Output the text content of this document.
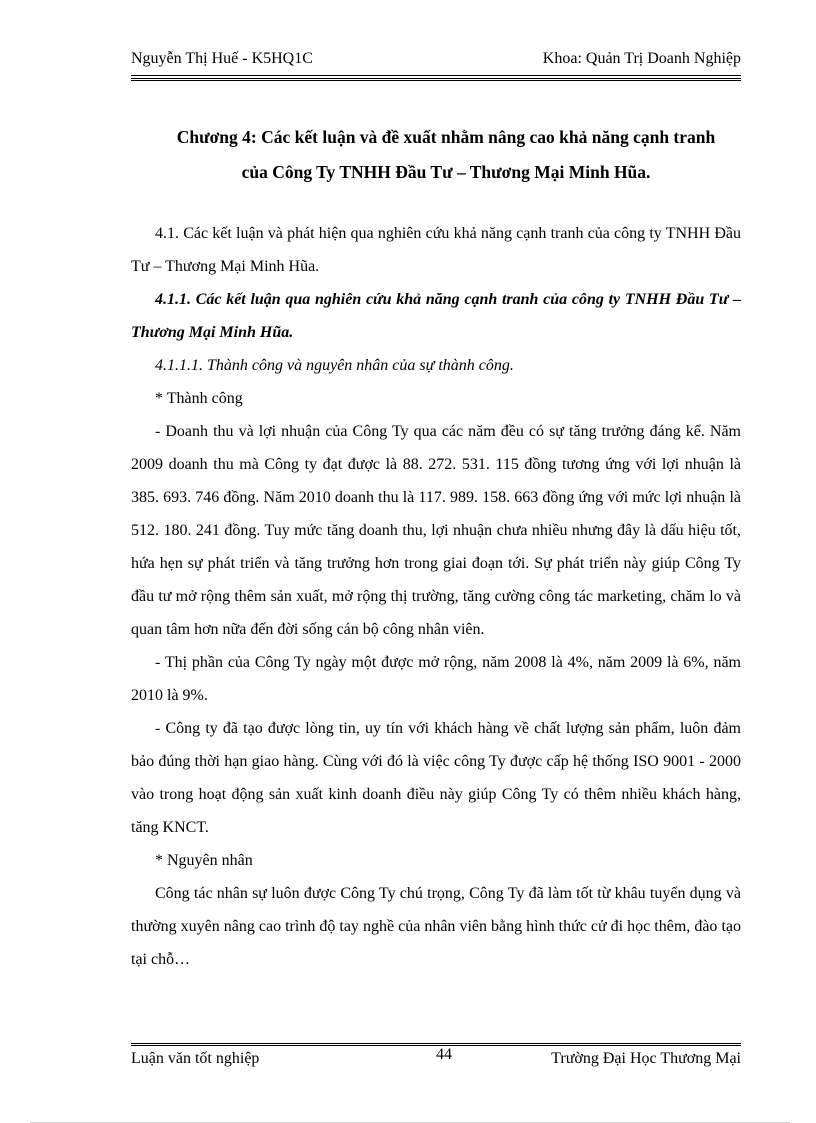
Nguyễn Thị Huế - K5HQ1C	Khoa: Quản Trị Doanh Nghiệp
Chương 4: Các kết luận và đề xuất nhằm nâng cao khả năng cạnh tranh
của Công Ty TNHH Đầu Tư – Thương Mại Minh Hũa.

4.1. Các kết luận và phát hiện qua nghiên cứu khả năng cạnh tranh của công ty TNHH Đầu Tư – Thương Mại Minh Hũa.

4.1.1. Các kết luận qua nghiên cứu khả năng cạnh tranh của công ty TNHH Đầu Tư – Thương Mại Minh Hũa.

4.1.1.1. Thành công và nguyên nhân của sự thành công.

* Thành công

- Doanh thu và lợi nhuận của Công Ty qua các năm đều có sự tăng trưởng đáng kể. Năm 2009 doanh thu mà Công ty đạt được là 88. 272. 531. 115 đồng tương ứng với lợi nhuận là 385. 693. 746 đồng. Năm 2010 doanh thu là 117. 989. 158. 663 đồng ứng với mức lợi nhuận là 512. 180. 241 đồng. Tuy mức tăng doanh thu, lợi nhuận chưa nhiều nhưng đây là dấu hiệu tốt, hứa hẹn sự phát triển và tăng trưởng hơn trong giai đoạn tới. Sự phát triển này giúp Công Ty đầu tư mở rộng thêm sản xuất, mở rộng thị trường, tăng cường công tác marketing, chăm lo và quan tâm hơn nữa đến đời sống cán bộ công nhân viên.

- Thị phần của Công Ty ngày một được mở rộng, năm 2008 là 4%, năm 2009 là 6%, năm 2010 là 9%.

- Công ty đã tạo được lòng tin, uy tín với khách hàng về chất lượng sản phẩm, luôn đảm bảo đúng thời hạn giao hàng. Cùng với đó là việc công Ty được cấp hệ thống ISO 9001 - 2000 vào trong hoạt động sản xuất kinh doanh điều này giúp Công Ty có thêm nhiều khách hàng, tăng KNCT.

* Nguyên nhân

Công tác nhân sự luôn được Công Ty chú trọng, Công Ty đã làm tốt từ khâu tuyển dụng và thường xuyên nâng cao trình độ tay nghề của nhân viên bằng hình thức cử đi học thêm, đào tạo tại chỗ…

Luận văn tốt nghiệp	44	Trường Đại Học Thương Mại
